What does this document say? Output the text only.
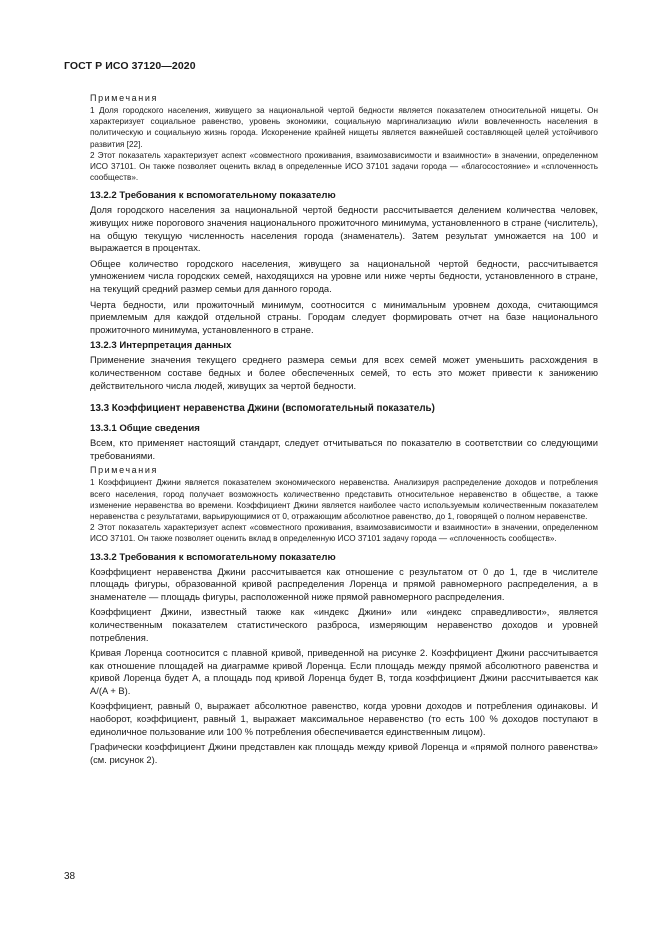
ГОСТ Р ИСО 37120—2020

Примечания

1 Доля городского населения, живущего за национальной чертой бедности является показателем относительной нищеты. Он характеризует социальное равенство, уровень экономики, социальную маргинализацию и/или вовлеченность населения в политическую и социальную жизнь города. Искоренение крайней нищеты является важнейшей составляющей целей устойчивого развития [22].

2 Этот показатель характеризует аспект «совместного проживания, взаимозависимости и взаимности» в значении, определенном ИСО 37101. Он также позволяет оценить вклад в определенные ИСО 37101 задачи города — «благосостояние» и «сплоченность сообществ».

13.2.2 Требования к вспомогательному показателю

Доля городского населения за национальной чертой бедности рассчитывается делением количества человек, живущих ниже порогового значения национального прожиточного минимума, установленного в стране (числитель), на общую текущую численность населения города (знаменатель). Затем результат умножается на 100 и выражается в процентах.

Общее количество городского населения, живущего за национальной чертой бедности, рассчитывается умножением числа городских семей, находящихся на уровне или ниже черты бедности, установленного в стране, на текущий средний размер семьи для данного города.

Черта бедности, или прожиточный минимум, соотносится с минимальным уровнем дохода, считающимся приемлемым для каждой отдельной страны. Городам следует формировать отчет на базе национального прожиточного минимума, установленного в стране.

13.2.3 Интерпретация данных

Применение значения текущего среднего размера семьи для всех семей может уменьшить расхождения в количественном составе бедных и более обеспеченных семей, то есть это может привести к занижению действительного числа людей, живущих за чертой бедности.

13.3 Коэффициент неравенства Джини (вспомогательный показатель)
13.3.1 Общие сведения

Всем, кто применяет настоящий стандарт, следует отчитываться по показателю в соответствии со следующими требованиями.

Примечания

1 Коэффициент Джини является показателем экономического неравенства. Анализируя распределение доходов и потребления всего населения, город получает возможность количественно представить относительное неравенство в обществе, а также изменение неравенства во времени. Коэффициент Джини является наиболее часто используемым количественным показателем неравенства с результатами, варьирующимися от 0, отражающим абсолютное равенство, до 1, говорящей о полном неравенстве.

2 Этот показатель характеризует аспект «совместного проживания, взаимозависимости и взаимности» в значении, определенном ИСО 37101. Он также позволяет оценить вклад в определенную ИСО 37101 задачу города — «сплоченность сообществ».

13.3.2 Требования к вспомогательному показателю

Коэффициент неравенства Джини рассчитывается как отношение с результатом от 0 до 1, где в числителе площадь фигуры, образованной кривой распределения Лоренца и прямой равномерного распределения, а в знаменателе — площадь фигуры, расположенной ниже прямой равномерного распределения.

Коэффициент Джини, известный также как «индекс Джини» или «индекс справедливости», является количественным показателем статистического разброса, измеряющим неравенство доходов и уровней потребления.

Кривая Лоренца соотносится с плавной кривой, приведенной на рисунке 2. Коэффициент Джини рассчитывается как отношение площадей на диаграмме кривой Лоренца. Если площадь между прямой абсолютного равенства и кривой Лоренца будет A, а площадь под кривой Лоренца будет B, тогда коэффициент Джини рассчитывается как A/(A + B).

Коэффициент, равный 0, выражает абсолютное равенство, когда уровни доходов и потребления одинаковы. И наоборот, коэффициент, равный 1, выражает максимальное неравенство (то есть 100 % доходов поступают в единоличное пользование или 100 % потребления обеспечивается единственным лицом).

Графически коэффициент Джини представлен как площадь между кривой Лоренца и «прямой полного равенства» (см. рисунок 2).

38
